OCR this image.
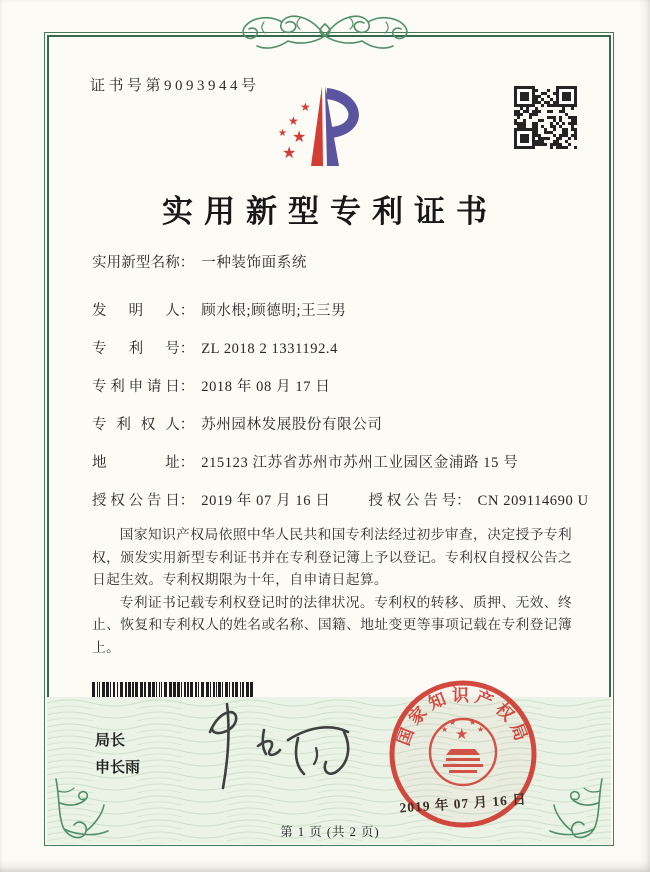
证书号第9093944号
★
★
★ ★
★
实用新型专利证书
实用新型名称： 一种装饰面系统
发明人： 顾水根;顾德明;王三男
专利号： ZL 2018 2 1331192.4
专利申请日： 2018 年 08 月 17 日
专利权人： 苏州园林发展股份有限公司
地址： 215123 江苏省苏州市苏州工业园区金浦路 15 号
授权公告日： 2019 年 07 月 16 日	授权公告号： CN 209114690 U

国家知识产权局依照中华人民共和国专利法经过初步审查，决定授予专利权，颁发实用新型专利证书并在专利登记簿上予以登记。专利权自授权公告之日起生效。专利权期限为十年，自申请日起算。

专利证书记载专利权登记时的法律状况。专利权的转移、质押、无效、终止、恢复和专利权人的姓名或名称、国籍、地址变更等事项记载在专利登记簿上。

局长
申长雨
国家知识产权局
★
★
★ ★
★
2019 年 07 月 16 日
第 1 页 (共 2 页)
